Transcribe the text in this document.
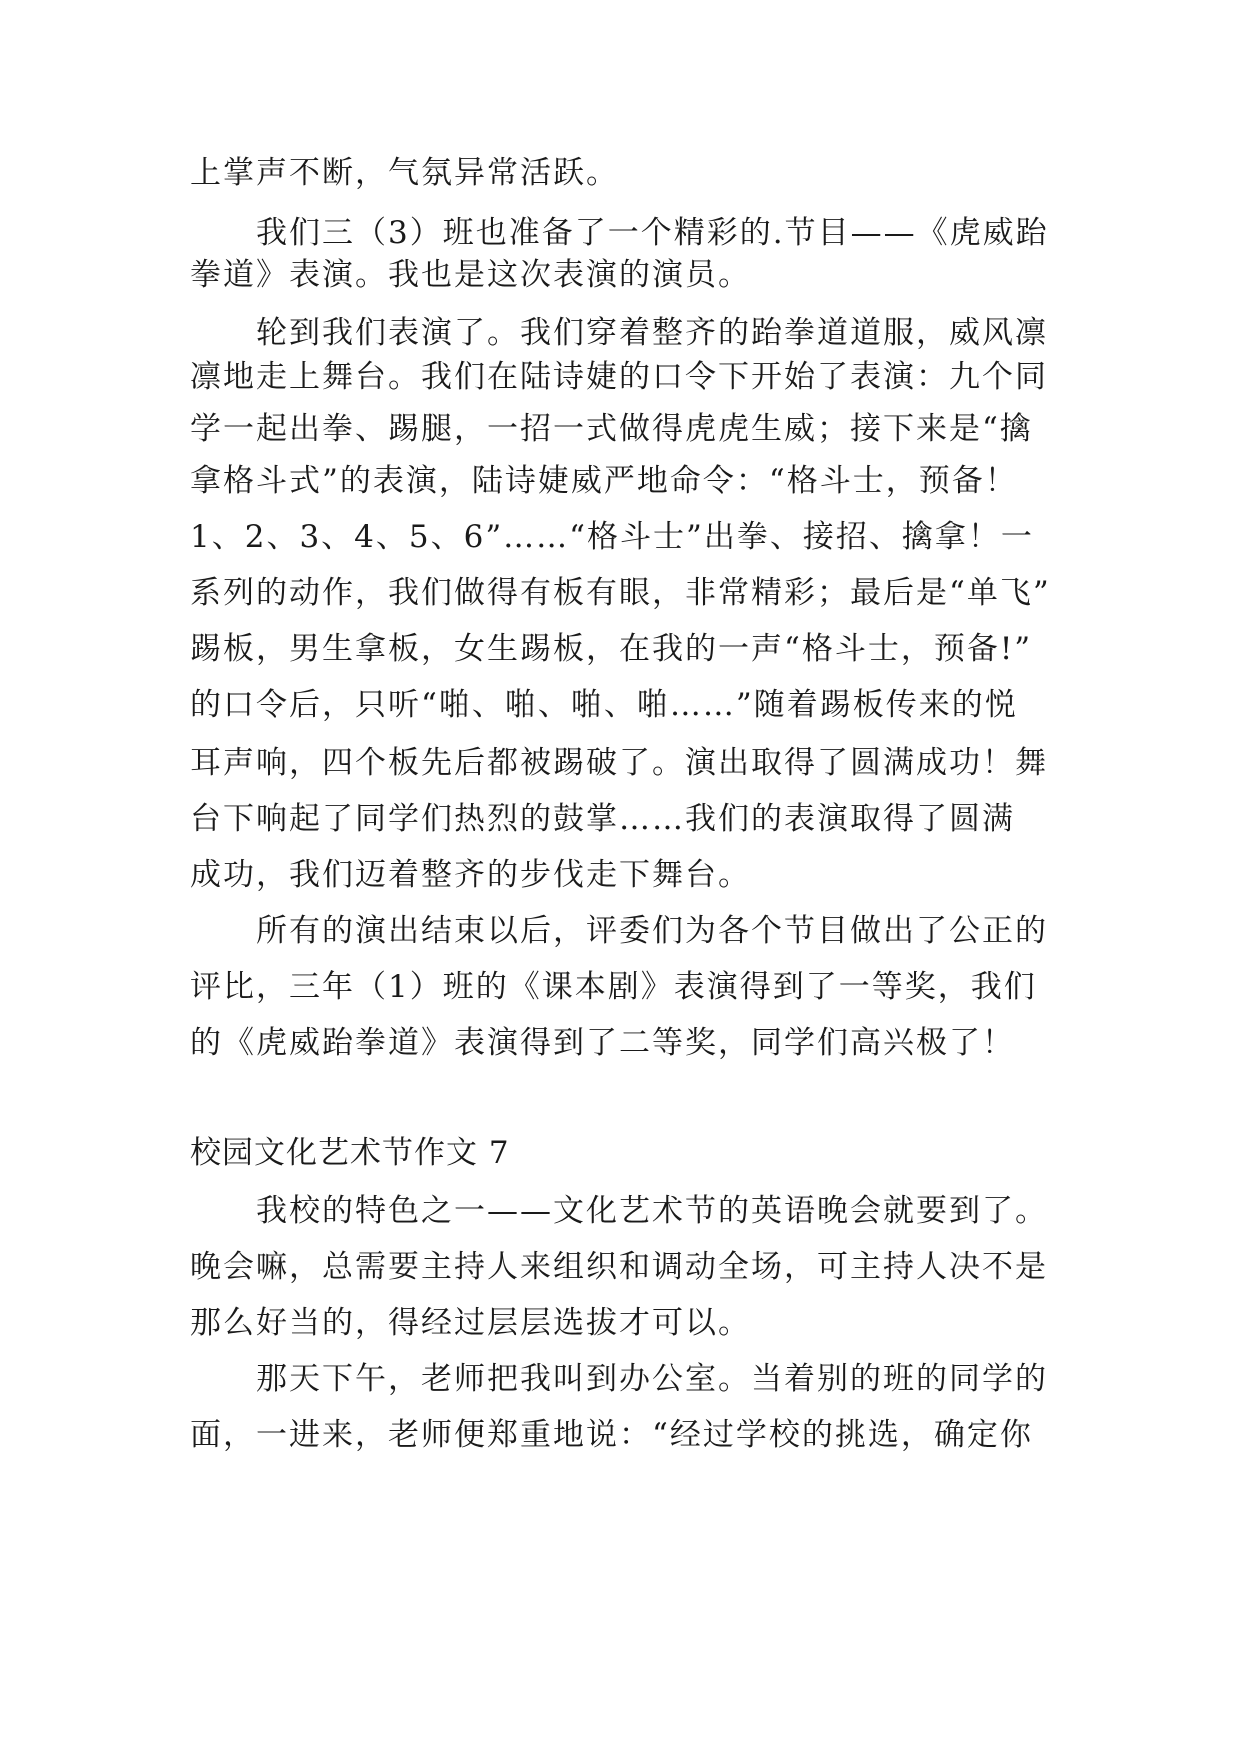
上掌声不断，气氛异常活跃。
我们三（3）班也准备了一个精彩的.节目——《虎威跆
拳道》表演。我也是这次表演的演员。
轮到我们表演了。我们穿着整齐的跆拳道道服，威风凛
凛地走上舞台。我们在陆诗婕的口令下开始了表演：九个同
学一起出拳、踢腿，一招一式做得虎虎生威；接下来是“擒
拿格斗式”的表演，陆诗婕威严地命令：“格斗士，预备！
1、2、3、4、5、6”……“格斗士”出拳、接招、擒拿！一
系列的动作，我们做得有板有眼，非常精彩；最后是“单飞”
踢板，男生拿板，女生踢板，在我的一声“格斗士，预备!”
的口令后，只听“啪、啪、啪、啪……”随着踢板传来的悦
耳声响，四个板先后都被踢破了。演出取得了圆满成功！舞
台下响起了同学们热烈的鼓掌……我们的表演取得了圆满
成功，我们迈着整齐的步伐走下舞台。
所有的演出结束以后，评委们为各个节目做出了公正的
评比，三年（1）班的《课本剧》表演得到了一等奖，我们
的《虎威跆拳道》表演得到了二等奖，同学们高兴极了！
校园文化艺术节作文 7
我校的特色之一——文化艺术节的英语晚会就要到了。
晚会嘛，总需要主持人来组织和调动全场，可主持人决不是
那么好当的，得经过层层选拔才可以。
那天下午，老师把我叫到办公室。当着别的班的同学的
面，一进来，老师便郑重地说：“经过学校的挑选，确定你
